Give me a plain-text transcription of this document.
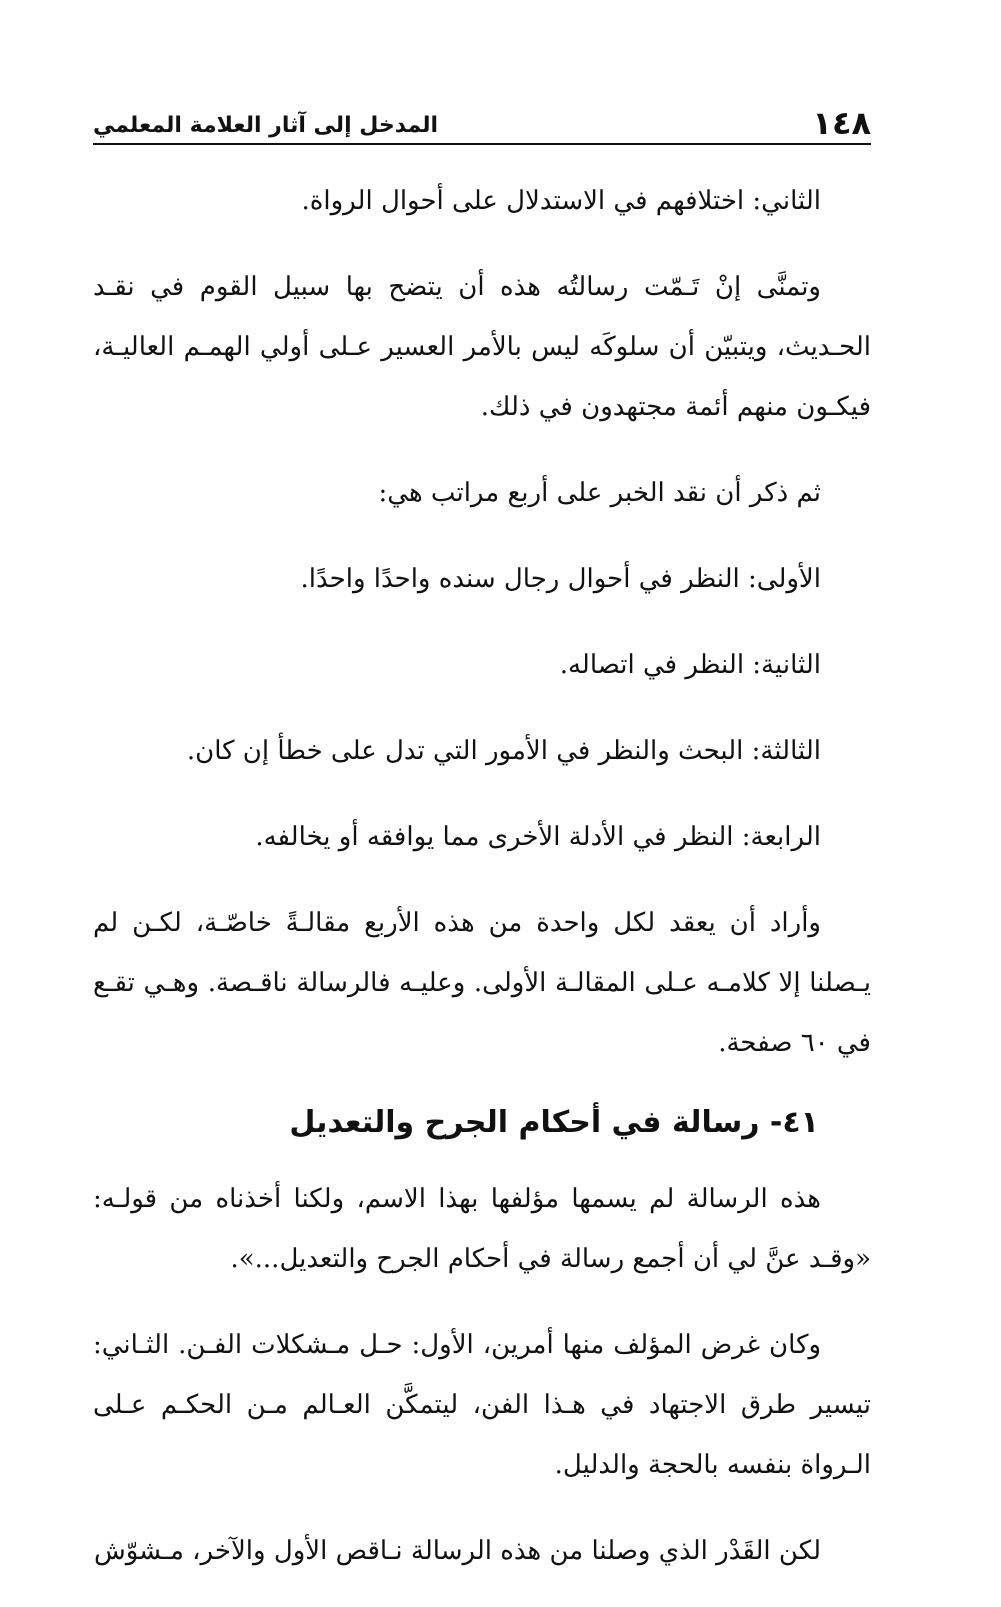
١٤٨
المدخل إلى آثار العلامة المعلمي

الثاني: اختلافهم في الاستدلال على أحوال الرواة.

وتمنَّى إنْ تَـمّت رسالتُه هذه أن يتضح بها سبيل القوم في نقـد الحـديث، ويتبيّن أن سلوكَه ليس بالأمر العسير عـلى أولي الهمـم العاليـة، فيكـون منهم أئمة مجتهدون في ذلك.

ثم ذكر أن نقد الخبر على أربع مراتب هي:

الأولى: النظر في أحوال رجال سنده واحدًا واحدًا.

الثانية: النظر في اتصاله.

الثالثة: البحث والنظر في الأمور التي تدل على خطأ إن كان.

الرابعة: النظر في الأدلة الأخرى مما يوافقه أو يخالفه.

وأراد أن يعقد لكل واحدة من هذه الأربع مقالـةً خاصّـة، لكـن لم يـصلنا إلا كلامـه عـلى المقالـة الأولى. وعليـه فالرسالة ناقـصة. وهـي تقـع في ٦٠ صفحة.

٤١- رسالة في أحكام الجرح والتعديل

هذه الرسالة لم يسمها مؤلفها بهذا الاسم، ولكنا أخذناه من قولـه: «وقـد عنَّ لي أن أجمع رسالة في أحكام الجرح والتعديل...».

وكان غرض المؤلف منها أمرين، الأول: حـل مـشكلات الفـن. الثـاني: تيسير طرق الاجتهاد في هـذا الفن، ليتمكَّن العـالم مـن الحكـم عـلى الـرواة بنفسه بالحجة والدليل.

لكن القَدْر الذي وصلنا من هذه الرسالة نـاقص الأول والآخر، مـشوّش
